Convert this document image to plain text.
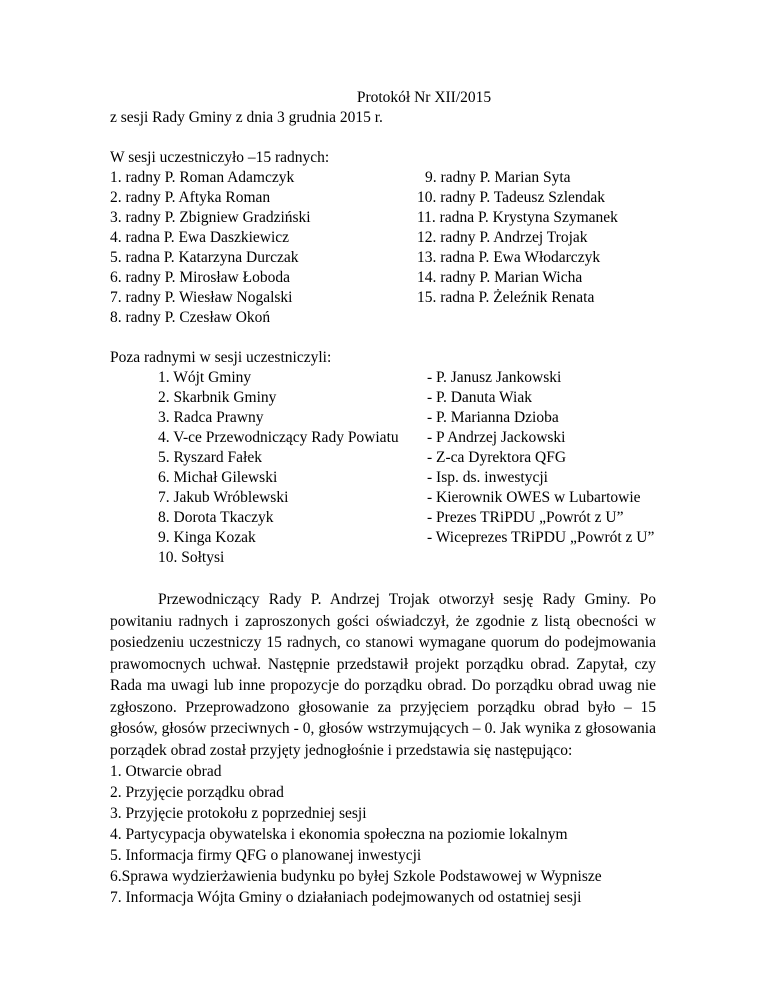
Protokół Nr XII/2015
z sesji Rady Gminy z dnia 3 grudnia 2015 r.
W sesji uczestniczyło –15 radnych:
1. radny P. Roman Adamczyk
2. radny P. Aftyka Roman
3. radny P. Zbigniew Gradziński
4. radna P. Ewa Daszkiewicz
5. radna P. Katarzyna Durczak
6. radny P. Mirosław Łoboda
7. radny P. Wiesław Nogalski
8. radny P. Czesław Okoń
9. radny P. Marian Syta
10. radny P. Tadeusz Szlendak
11. radna P. Krystyna Szymanek
12. radny P. Andrzej Trojak
13. radna P. Ewa Włodarczyk
14. radny P. Marian Wicha
15. radna P. Żeleźnik Renata
Poza radnymi w sesji uczestniczyli:
1. Wójt Gminy
2. Skarbnik Gminy
3. Radca Prawny
4. V-ce Przewodniczący Rady Powiatu
5. Ryszard Fałek
6. Michał Gilewski
7. Jakub Wróblewski
8. Dorota Tkaczyk
9. Kinga Kozak
10. Sołtysi
- P. Janusz Jankowski
- P. Danuta Wiak
- P. Marianna Dzioba
- P Andrzej Jackowski
- Z-ca Dyrektora QFG
- Isp. ds. inwestycji
- Kierownik OWES w Lubartowie
- Prezes TRiPDU „Powrót z U”
- Wiceprezes TRiPDU „Powrót z U”

Przewodniczący Rady P. Andrzej Trojak otworzył sesję Rady Gminy. Po powitaniu radnych i zaproszonych gości oświadczył, że zgodnie z listą obecności w posiedzeniu uczestniczy 15 radnych, co stanowi wymagane quorum do podejmowania prawomocnych uchwał. Następnie przedstawił projekt porządku obrad. Zapytał, czy Rada ma uwagi lub inne propozycje do porządku obrad. Do porządku obrad uwag nie zgłoszono. Przeprowadzono głosowanie za przyjęciem porządku obrad było – 15 głosów, głosów przeciwnych - 0, głosów wstrzymujących – 0. Jak wynika z głosowania porządek obrad został przyjęty jednogłośnie i przedstawia się następująco:

1. Otwarcie obrad
2. Przyjęcie porządku obrad
3. Przyjęcie protokołu z poprzedniej sesji
4. Partycypacja obywatelska i ekonomia społeczna na poziomie lokalnym
5. Informacja firmy QFG o planowanej inwestycji
6.Sprawa wydzierżawienia budynku po byłej Szkole Podstawowej w Wypnisze
7. Informacja Wójta Gminy o działaniach podejmowanych od ostatniej sesji
